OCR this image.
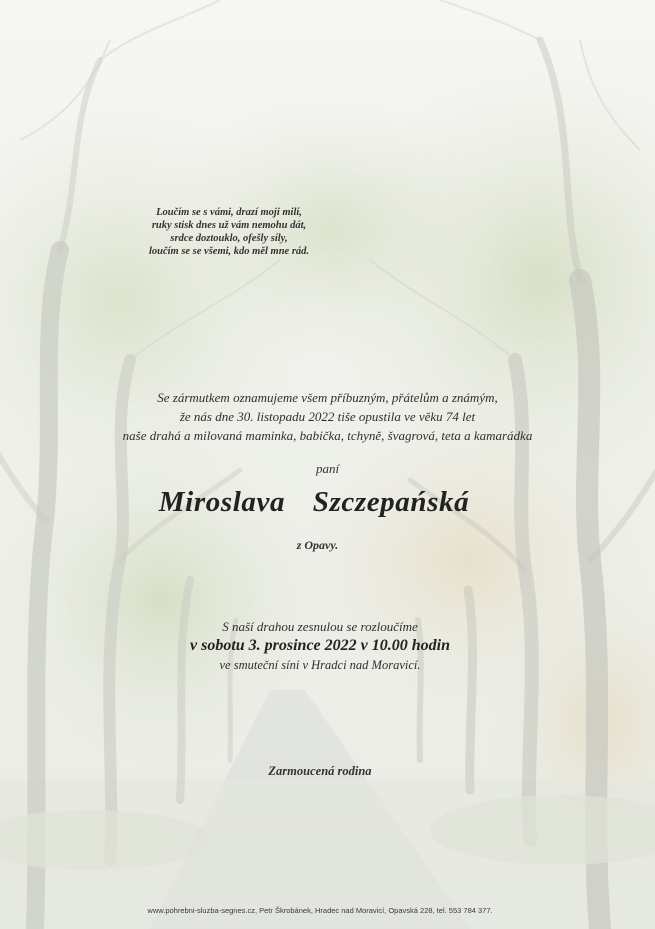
Loučím se s vámi, drazí moji milí,
ruky stisk dnes už vám nemohu dát,
srdce doztouklo, ofešly síly,
loučím se se všemi, kdo měl mne rád.
Se zármutkem oznamujeme všem příbuzným, přátelům a známým,
že nás dne 30. listopadu 2022 tiše opustila ve věku 74 let
naše drahá a milovaná maminka, babička, tchyně, švagrová, teta a kamarádka
paní
Miroslava  Szczepańská
z Opavy.
S naší drahou zesnulou se rozloučíme
v sobotu 3. prosince 2022 v 10.00 hodin
ve smuteční síni v Hradci nad Moravicí.
Zarmoucená rodina
www.pohrebni-sluzba-segnes.cz, Petr Škrobánek, Hradec nad Moravicí, Opavská 228, tel. 553 784 377.
